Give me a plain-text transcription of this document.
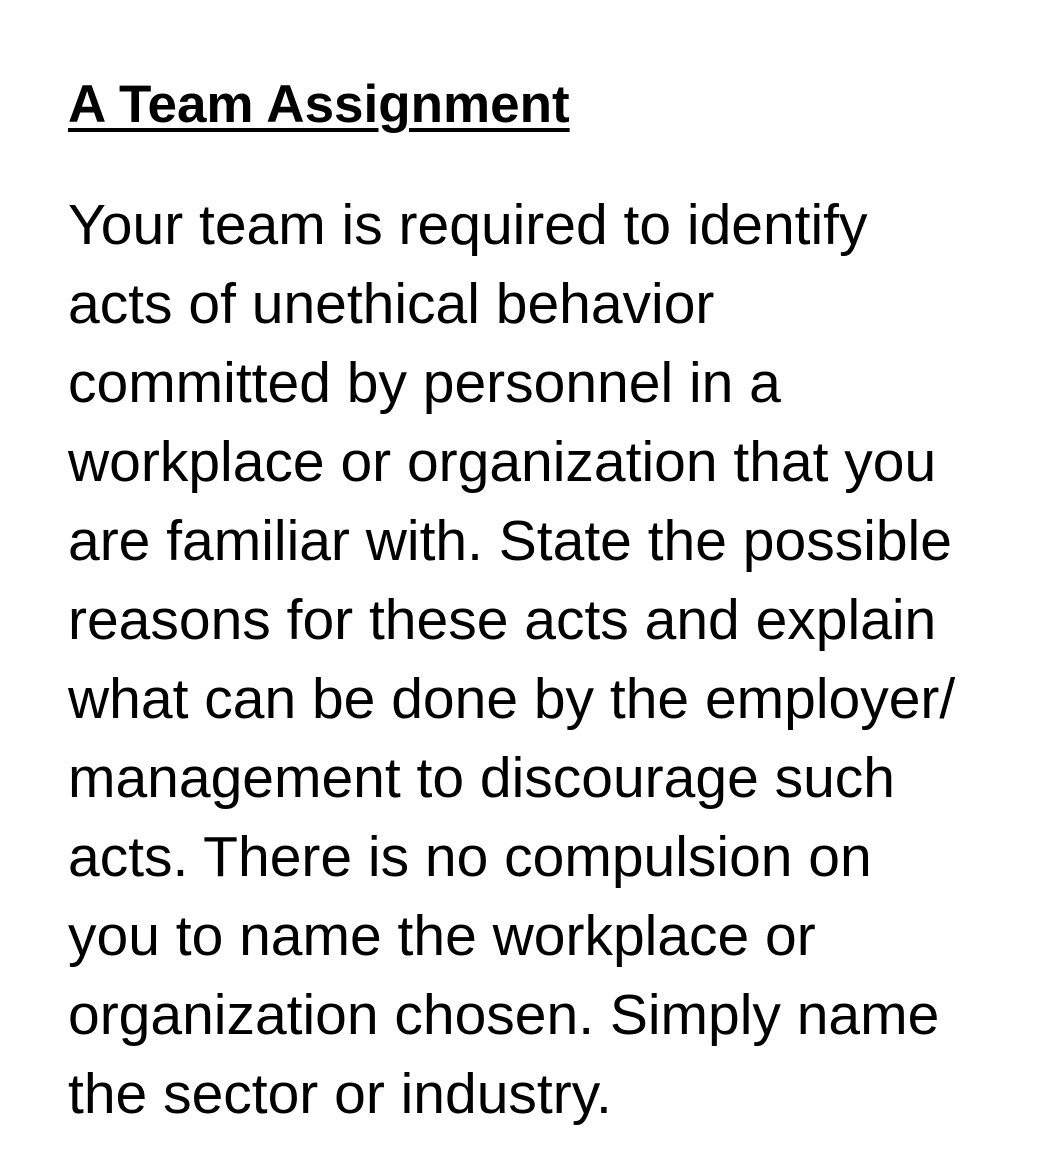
A Team Assignment
Your team is required to identify
acts of unethical behavior
committed by personnel in a
workplace or organization that you
are familiar with. State the possible
reasons for these acts and explain
what can be done by the employer/
management to discourage such
acts. There is no compulsion on
you to name the workplace or
organization chosen. Simply name
the sector or industry.
